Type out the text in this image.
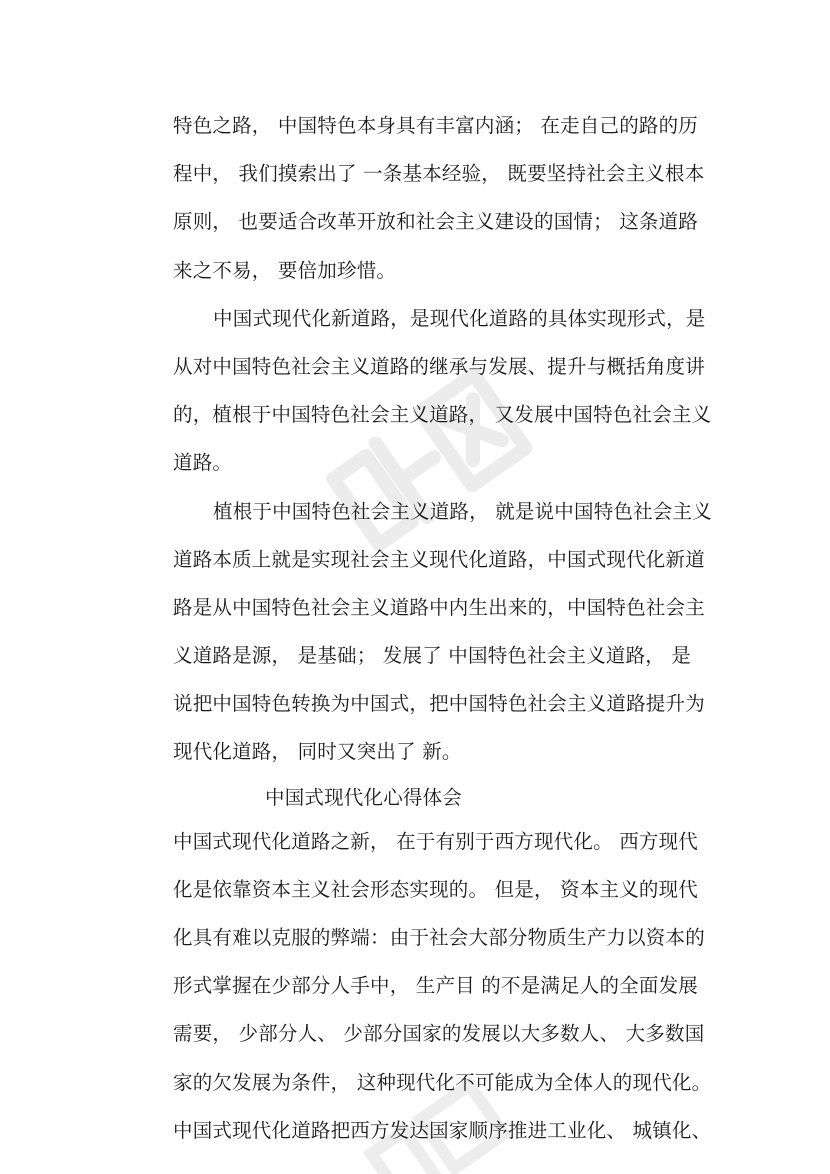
特色之路， 中国特色本身具有丰富内涵； 在走自己的路的历
程中， 我们摸索出了 一条基本经验， 既要坚持社会主义根本
原则， 也要适合改革开放和社会主义建设的国情； 这条道路
来之不易， 要倍加珍惜。
中国式现代化新道路，是现代化道路的具体实现形式，是
从对中国特色社会主义道路的继承与发展、提升与概括角度讲
的，植根于中国特色社会主义道路， 又发展中国特色社会主义
道路。
植根于中国特色社会主义道路， 就是说中国特色社会主义
道路本质上就是实现社会主义现代化道路，中国式现代化新道
路是从中国特色社会主义道路中内生出来的，中国特色社会主
义道路是源， 是基础； 发展了 中国特色社会主义道路， 是
说把中国特色转换为中国式，把中国特色社会主义道路提升为
现代化道路， 同时又突出了 新。
中国式现代化心得体会
中国式现代化道路之新， 在于有别于西方现代化。 西方现代
化是依靠资本主义社会形态实现的。 但是， 资本主义的现代
化具有难以克服的弊端：由于社会大部分物质生产力以资本的
形式掌握在少部分人手中， 生产目 的不是满足人的全面发展
需要， 少部分人、 少部分国家的发展以大多数人、 大多数国
家的欠发展为条件， 这种现代化不可能成为全体人的现代化。
中国式现代化道路把西方发达国家顺序推进工业化、 城镇化、
